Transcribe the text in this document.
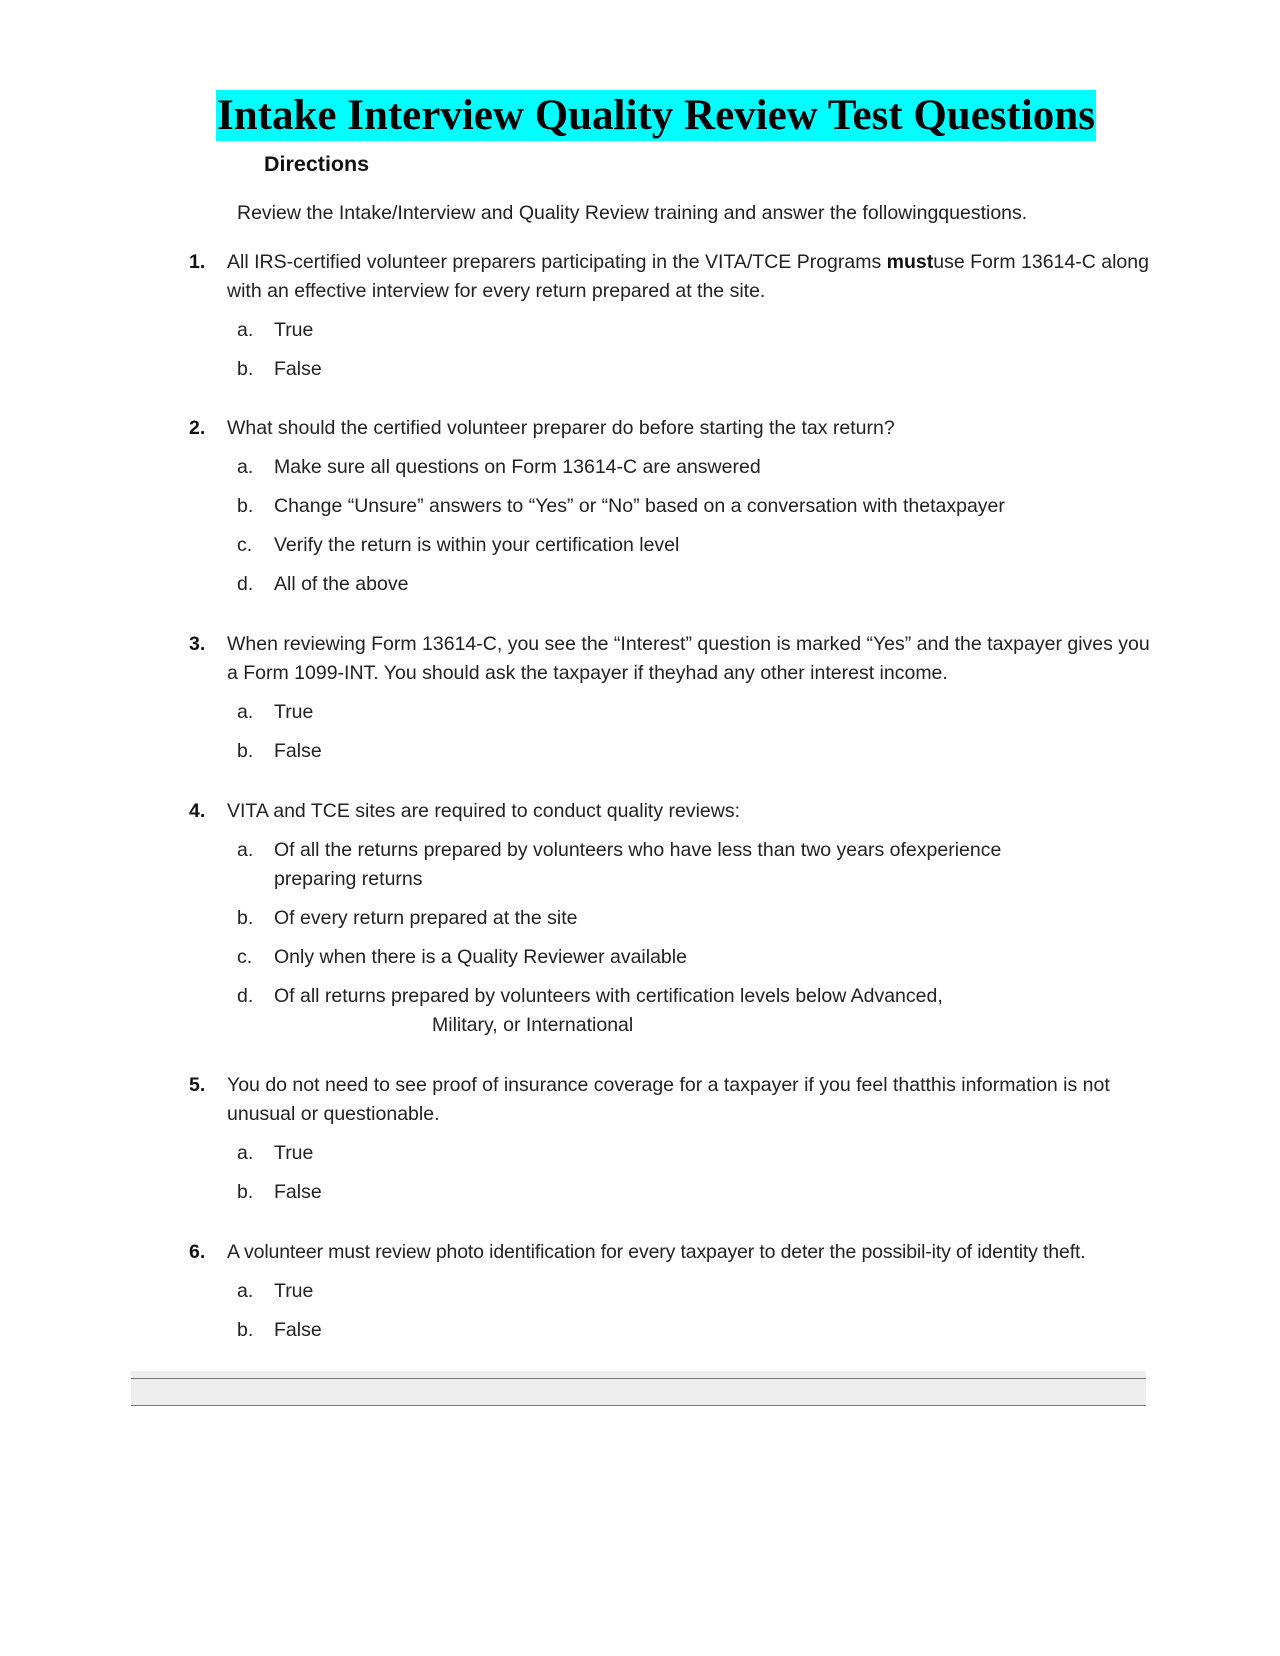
Intake Interview Quality Review Test Questions
Directions
Review the Intake/Interview and Quality Review training and answer the followingquestions.
1.	All IRS-certified volunteer preparers participating in the VITA/TCE Programs mustuse Form 13614-C along with an effective interview for every return prepared at the site.
a.	True
b.	False
2.	What should the certified volunteer preparer do before starting the tax return?
a.	Make sure all questions on Form 13614-C are answered
b.	Change “Unsure” answers to “Yes” or “No” based on a conversation with thetaxpayer
c.	Verify the return is within your certification level
d.	All of the above
3.	When reviewing Form 13614-C, you see the “Interest” question is marked “Yes” and the taxpayer gives you a Form 1099-INT. You should ask the taxpayer if theyhad any other interest income.
a.	True
b.	False
4.	VITA and TCE sites are required to conduct quality reviews:
a.	Of all the returns prepared by volunteers who have less than two years ofexperience preparing returns
b.	Of every return prepared at the site
c.	Only when there is a Quality Reviewer available
d.	Of all returns prepared by volunteers with certification levels below Advanced,
Military, or International
5.	You do not need to see proof of insurance coverage for a taxpayer if you feel thatthis information is not unusual or questionable.
a.	True
b.	False
6.	A volunteer must review photo identification for every taxpayer to deter the possibil-ity of identity theft.
a.	True
b.	False
